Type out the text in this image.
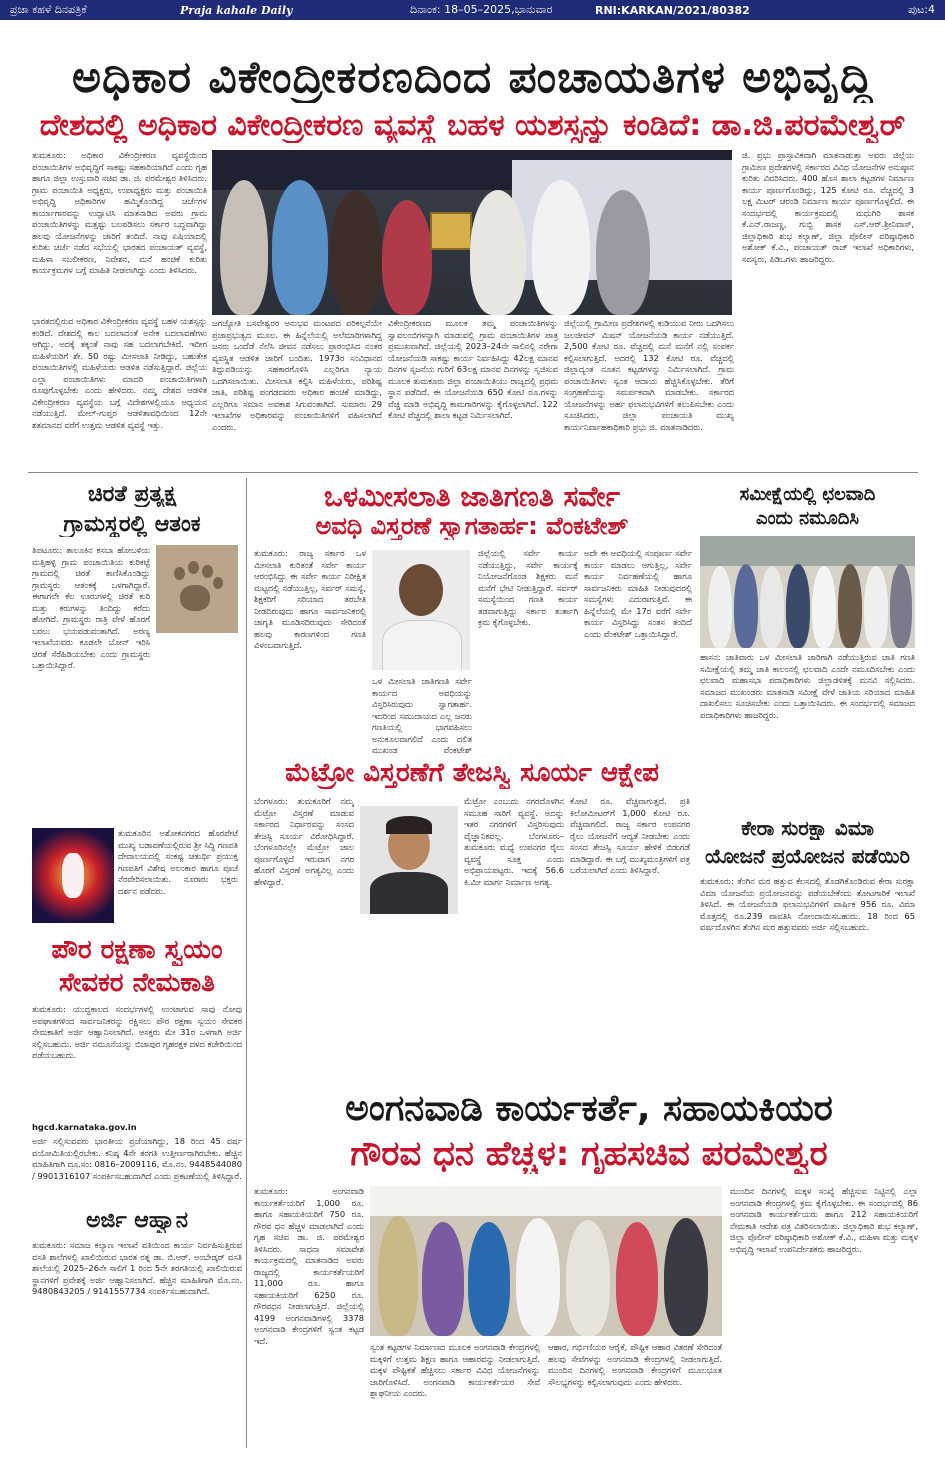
ಪ್ರಜಾ ಕಹಳೆ ದಿನಪತ್ರಿಕೆ	Praja kahale Daily	ದಿನಾಂಕ: 18–05–2025,ಭಾನುವಾರ	RNI:KARKAN/2021/80382	ಪುಟ:4
ಅಧಿಕಾರ ವಿಕೇಂದ್ರೀಕರಣದಿಂದ ಪಂಚಾಯತಿಗಳ ಅಭಿವೃದ್ಧಿ
ದೇಶದಲ್ಲಿ ಅಧಿಕಾರ ವಿಕೇಂದ್ರೀಕರಣ ವ್ಯವಸ್ಥೆ ಬಹಳ ಯಶಸ್ಸನ್ನು ಕಂಡಿದೆ: ಡಾ.ಜಿ.ಪರಮೇಶ್ವರ್
ತುಮಕೂರು: ಅಧಿಕಾರ ವಿಕೇಂದ್ರೀಕರಣ ವ್ಯವಸ್ಥೆಯಿಂದ ಪಂಚಾಯಿತಿಗಳ ಅಭಿವೃದ್ಧಿಗೆ ಸಾಕಷ್ಟು ಸಹಕಾರಿಯಾಗಿದೆ ಎಂದು ಗೃಹ ಹಾಗೂ ಜಿಲ್ಲಾ ಉಸ್ತುವಾರಿ ಸಚಿವ ಡಾ. ಜಿ. ಪರಮೇಶ್ವರ ತಿಳಿಸಿದರು. ಗ್ರಾಮ ಪಂಚಾಯಿತಿ ಅಧ್ಯಕ್ಷರು, ಉಪಾಧ್ಯಕ್ಷರು ಮತ್ತು ಪಂಚಾಯಿತಿ ಅಭಿವೃದ್ಧಿ ಅಧಿಕಾರಿಗಳ ಹಮ್ಮಿಕೊಂಡಿದ್ದ ಚರ್ಚೆಗಳ ಕಾರ್ಯಾಗಾರವನ್ನು ಉದ್ಘಾಟಿಸಿ ಮಾತನಾಡಿದ ಅವರು ಗ್ರಾಮ ಪಂಚಾಯಿತಿಗಳನ್ನು ಮತ್ತಷ್ಟು ಬಲಪಡಿಸಲು ಸರ್ಕಾರ ಬದ್ಧವಾಗಿದ್ದು ಹಲವು ಯೋಜನೆಗಳನ್ನು ಜಾರಿಗೆ ತಂದಿದೆ. ನಾವು ಏಷಿಯಾದಲ್ಲಿ ಕುರಿತು ಚರ್ಚೆ ನಡೆದ ಸಭೆಯಲ್ಲಿ ಭಾರತದ ಪಂಚಾಯತ್ ವ್ಯವಸ್ಥೆ, ಮಹಿಳಾ ಸಬಲೀಕರಣ, ನಿವೇಶನ, ಮನೆ ಹಂಚಿಕೆ ಕುರಿತು ಕಾರ್ಯಕ್ರಮಗಳ ಬಗ್ಗೆ ಮಾಹಿತಿ ನೀಡಲಾಗಿದ್ದು ಎಂದು ತಿಳಿಸಿದರು.
ಭಾರತದಲ್ಲಿರುವ ಅಧಿಕಾರ ವಿಕೇಂದ್ರೀಕರಣ ವ್ಯವಸ್ಥೆ ಬಹಳ ಯಶಸ್ಸನ್ನು ಕಂಡಿದೆ. ದೇಶದಲ್ಲಿ ಕಾಲ ಬದಲಾದಂತೆ ಅನೇಕ ಬದಲಾವಣೆಗಳು ಆಗಿದ್ದು, ಅದಕ್ಕೆ ತಕ್ಕಂತೆ ನಾವು ಸಹ ಬದಲಾಗಬೇಕಿದೆ. ಇದೀಗ ಮಹಿಳೆಯರಿಗೆ ಶೇ. 50 ರಷ್ಟು ಮೀಸಲಾತಿ ನೀಡಿದ್ದು, ಬಹುತೇಕ ಪಂಚಾಯಿತಿಗಳಲ್ಲಿ ಮಹಿಳೆಯರು ಆಡಳಿತ ನಡೆಸುತ್ತಿದ್ದಾರೆ. ಜಿಲ್ಲೆಯ ಎಲ್ಲಾ ಪಂಚಾಯಿತಿಗಳು ಮಾದರಿ ಪಂಚಾಯಿತಿಗಳಾಗಿ ರೂಪುಗೊಳ್ಳಬೇಕು ಎಂದು ಹೇಳಿದರು. ನಮ್ಮ ದೇಶದ ಆಡಳಿತ ವಿಕೇಂದ್ರೀಕರಣ ವ್ಯವಸ್ಥೆಯ ಬಗ್ಗೆ ವಿದೇಶಗಳಲ್ಲಿಯೂ ಅಧ್ಯಯನ ನಡೆಯುತ್ತಿದೆ. ಮೇಲ್-ಗುಪ್ತರ ಆಡಳಿತಾವಧಿಯಿಂದ 12ನೇ ಶತಮಾನದ ವರೆಗೆ ಉತ್ತಮ ಆಡಳಿತ ವ್ಯವಸ್ಥೆ ಇತ್ತು.
ಜಗಜ್ಯೋತಿ ಬಸವೇಶ್ವರರ ಅನುಭವ ಮಂಟಪದ ಪರಿಕಲ್ಪನೆಯೇ ಪ್ರಜಾಪ್ರಭುತ್ವದ ಮೂಲ. ಈ ಹಿನ್ನೆಲೆಯಲ್ಲಿ ಅಲೆಮಾರಿಗಳಾಗಿದ್ದ ಜನರು ಒಂದೆಡೆ ನೆಲೆಸಿ ಜೀವನ ನಡೆಸಲು ಪ್ರಾರಂಭಿಸಿದ ನಂತರ ವ್ಯವಸ್ಥಿತ ಆಡಳಿತ ಜಾರಿಗೆ ಬಂದಿತು. 1973ರ ಸಂವಿಧಾನದ ತಿದ್ದುಪಡಿಯನ್ನು ಸಹಕಾರಗೊಳಿಸಿ ಎಲ್ಲರಿಗೂ ನ್ಯಾಯ ಒದಗಿಸಲಾಯಿತು. ಮೀಸಲಾತಿ ಕಲ್ಪಿಸಿ ಮಹಿಳೆಯರು, ಪರಿಶಿಷ್ಟ ಜಾತಿ, ಪರಿಶಿಷ್ಟ ಪಂಗಡದವರು ಅಧಿಕಾರ ಹಂಚಿಕೆ ಮಾಡಿದ್ದು, ಎಲ್ಲರಿಗೂ ಸಮಾನ ಅವಕಾಶ ಸಿಗುವಂತಾಗಿದೆ. ಸುಮಾರು 29 ಇಲಾಖೆಗಳ ಅಧಿಕಾರವನ್ನು ಪಂಚಾಯಿತಿಗಳಿಗೆ ವಹಿಸಲಾಗಿದೆ ಎಂದರು.
ವಿಕೇಂದ್ರೀಕರಣದ ಮೂಲಕ ತಮ್ಮ ಪಂಚಾಯಿತಿಗಳನ್ನು ಸ್ವಾವಲಂಬಿಗಳನ್ನಾಗಿ ಮಾಡುವಲ್ಲಿ ಗ್ರಾಮ ಪಂಚಾಯಿತಿಗಳ ಪಾತ್ರ ಪ್ರಮುಖವಾಗಿದೆ. ಜಿಲ್ಲೆಯಲ್ಲಿ 2023–24ನೇ ಸಾಲಿನಲ್ಲಿ ನರೇಗಾ ಯೋಜನೆಯಡಿ ಸಾಕಷ್ಟು ಕಾರ್ಯ ನಿರ್ವಹಿಸಿದ್ದು 42ಲಕ್ಷ ಮಾನವ ದಿನಗಳ ಸೃಜನೆಯ ಗುರಿಗೆ 63ಲಕ್ಷ ಮಾನವ ದಿನಗಳನ್ನು ಸೃಜಿಸುವ ಮೂಲಕ ತುಮಕೂರು ಜಿಲ್ಲಾ ಪಂಚಾಯಿತಿಯು ರಾಜ್ಯದಲ್ಲಿ ಪ್ರಥಮ ಸ್ಥಾನ ಪಡೆದಿದೆ. ಈ ಯೋಜನೆಯಡಿ 650 ಕೋಟಿ ರೂ.ಗಳನ್ನು ವೆಚ್ಚ ಮಾಡಿ ಅಭಿವೃದ್ಧಿ ಕಾಮಗಾರಿಗಳನ್ನು ಕೈಗೊಳ್ಳಲಾಗಿದೆ. 122 ಕೋಟಿ ವೆಚ್ಚದಲ್ಲಿ ಶಾಲಾ ಕಟ್ಟಡ ನಿರ್ಮಿಸಲಾಗಿದೆ.
ಜಿಲ್ಲೆಯಲ್ಲಿ ಗ್ರಾಮೀಣ ಪ್ರದೇಶಗಳಲ್ಲಿ ಕುಡಿಯುವ ನೀರು ಒದಗಿಸಲು ಜಲಜೀವನ್ ಮಿಷನ್ ಯೋಜನೆಯಡಿ ಕಾರ್ಯ ನಡೆಯುತ್ತಿದೆ. 2,500 ಕೋಟಿ ರೂ. ವೆಚ್ಚದಲ್ಲಿ ಮನೆ ಮನೆಗೆ ನಲ್ಲಿ ಸಂಪರ್ಕ ಕಲ್ಪಿಸಲಾಗುತ್ತಿದೆ. ಅದರಲ್ಲಿ 132 ಕೋಟಿ ರೂ. ವೆಚ್ಚದಲ್ಲಿ ಜಿಲ್ಲಾದ್ಯಂತ ನೂತನ ಕಟ್ಟಡಗಳನ್ನು ನಿರ್ಮಿಸಲಾಗಿದೆ. ಗ್ರಾಮ ಪಂಚಾಯಿತಿಗಳು ಸ್ವಂತ ಆದಾಯ ಹೆಚ್ಚಿಸಿಕೊಳ್ಳಬೇಕು. ತೆರಿಗೆ ಸಂಗ್ರಹಣೆಯನ್ನು ಸಮರ್ಪಕವಾಗಿ ಮಾಡಬೇಕು. ಸರ್ಕಾರದ ಯೋಜನೆಗಳನ್ನು ಅರ್ಹ ಫಲಾನುಭವಿಗಳಿಗೆ ತಲುಪಿಸಬೇಕು ಎಂದು ಸೂಚಿಸಿದರು. ಜಿಲ್ಲಾ ಪಂಚಾಯತಿ ಮುಖ್ಯ ಕಾರ್ಯನಿರ್ವಾಹಕಾಧಿಕಾರಿ ಪ್ರಭು ಜಿ. ಮಾತನಾಡಿದರು.
ಜಿ. ಪ್ರಭು ಪ್ರಾಸ್ತಾವಿಕವಾಗಿ ಮಾತನಾಡುತ್ತಾ ಅವರು ಜಿಲ್ಲೆಯ ಗ್ರಾಮೀಣ ಪ್ರದೇಶಗಳಲ್ಲಿ ಸರ್ಕಾರದ ವಿವಿಧ ಯೋಜನೆಗಳ ಅನುಷ್ಠಾನ ಕುರಿತು ವಿವರಿಸಿದರು. 400 ಹೊಸ ಶಾಲಾ ಕಟ್ಟಡಗಳ ನಿರ್ಮಾಣ ಕಾರ್ಯ ಪೂರ್ಣಗೊಂಡಿದ್ದು, 125 ಕೋಟಿ ರೂ. ವೆಚ್ಚದಲ್ಲಿ 3 ಲಕ್ಷ ಮಿಟರ್ ಚರಂಡಿ ನಿರ್ಮಾಣ ಕಾರ್ಯ ಪೂರ್ಣಗೊಳ್ಳಲಿದೆ. ಈ ಸಂದರ್ಭದಲ್ಲಿ ಕಾರ್ಯಕ್ರಮದಲ್ಲಿ ಮಧುಗಿರಿ ಶಾಸಕ ಕೆ.ಎನ್.ರಾಜಣ್ಣ, ಗುಬ್ಬಿ ಶಾಸಕ ಎಸ್.ಆರ್.ಶ್ರೀನಿವಾಸ್, ಜಿಲ್ಲಾಧಿಕಾರಿ ಶುಭ ಕಲ್ಯಾಣ್, ಜಿಲ್ಲಾ ಪೊಲೀಸ್ ವರಿಷ್ಠಾಧಿಕಾರಿ ಅಶೋಕ್ ಕೆ.ವಿ., ಪಂಚಾಯತ್ ರಾಜ್ ಇಲಾಖೆ ಅಧಿಕಾರಿಗಳು, ಸದಸ್ಯರು, ಪಿಡಿಒಗಳು ಹಾಜರಿದ್ದರು.
ಚಿರತೆ ಪ್ರತ್ಯಕ್ಷ
ಗ್ರಾಮಸ್ಥರಲ್ಲಿ ಆತಂಕ
ತಿಪಟೂರು: ತಾಲೂಕಿನ ಕಸಬಾ ಹೋಬಳಿಯ ಮತ್ತಿಹಳ್ಳಿ ಗ್ರಾಮ ಪಂಚಾಯಿತಿಯ ಕುರಿಕಟ್ಟೆ ಗ್ರಾಮದಲ್ಲಿ ಚಿರತೆ ಕಾಣಿಸಿಕೊಂಡಿದ್ದು ಗ್ರಾಮಸ್ಥರು ಆತಂಕಕ್ಕೆ ಒಳಗಾಗಿದ್ದಾರೆ. ಈಗಾಗಲೇ ಕೆಲ ಊರುಗಳಲ್ಲಿ ಚಿರತೆ ಕುರಿ ಮತ್ತು ಕರುಗಳನ್ನು ತಿಂದಿದ್ದು ಕರೆದು ಹೋಗಿದೆ. ಗ್ರಾಮಸ್ಥರು ರಾತ್ರಿ ವೇಳೆ ಹೊರಗೆ ಬರಲು ಭಯಪಡುವಂತಾಗಿದೆ. ಅರಣ್ಯ ಇಲಾಖೆಯವರು ಕೂಡಲೇ ಬೋನ್ ಇರಿಸಿ ಚಿರತೆ ಸೆರೆಹಿಡಿಯಬೇಕು ಎಂದು ಗ್ರಾಮಸ್ಥರು ಒತ್ತಾಯಿಸಿದ್ದಾರೆ.
ತುಮಕೂರಿನ ಅಶೋಕನಗರದ ಹೊರಪೇಟೆ ಮುಖ್ಯ ಬಡಾವಣೆಯಲ್ಲಿರುವ ಶ್ರೀ ಸಿದ್ಧಿ ಗಣಪತಿ ದೇವಾಲಯದಲ್ಲಿ ಸಂಕಷ್ಟ ಚತುರ್ಥಿ ಪ್ರಯುಕ್ತ ಗಣಪತಿಗೆ ವಿಶೇಷ ಅಲಂಕಾರ ಹಾಗೂ ಪೂಜೆ ನೆರವೇರಿಸಲಾಯಿತು. ನೂರಾರು ಭಕ್ತರು ದರ್ಶನ ಪಡೆದರು.
ಪೌರ ರಕ್ಷಣಾ ಸ್ವಯಂ
ಸೇವಕರ ನೇಮಕಾತಿ
ತುಮಕೂರು: ಯುದ್ಧಕಾಲದ ಸಂದರ್ಭಗಳಲ್ಲಿ ಉಂಟಾಗುವ ಸಾವು ನೋವು ಅಪಘಾತಗಳಿಂದ ಸಾರ್ವಜನಿಕರನ್ನು ರಕ್ಷಿಸಲು ಪೌರ ರಕ್ಷಣಾ ಸ್ವಯಂ ಸೇವಕರ ನೇಮಕಾತಿಗೆ ಅರ್ಜಿ ಆಹ್ವಾನಿಸಲಾಗಿದೆ. ಆಸಕ್ತರು ಮೇ 31ರ ಒಳಗಾಗಿ ಅರ್ಜಿ ಸಲ್ಲಿಸಬಹುದು. ಅರ್ಜಿ ನಮೂನೆಯನ್ನು ಬಿಜಾಪುರ ಗೃಹರಕ್ಷಕ ದಳದ ಕಚೇರಿಯಿಂದ ಪಡೆಯಬಹುದು.
hgcd.karnataka.gov.in
ಅರ್ಜಿ ಸಲ್ಲಿಸುವವರು ಭಾರತೀಯ ಪ್ರಜೆಯಾಗಿದ್ದು, 18 ರಿಂದ 45 ವರ್ಷ ವಯೋಮಿತಿಯಲ್ಲಿರಬೇಕು. ಕನಿಷ್ಠ 4ನೇ ತರಗತಿ ಉತ್ತೀರ್ಣರಾಗಿರಬೇಕು. ಹೆಚ್ಚಿನ ಮಾಹಿತಿಗಾಗಿ ದೂ.ಸಂ: 0816–2009116, ಮೊ.ನಂ. 9448544080 / 9901316107 ಸಂಪರ್ಕಿಸಬಹುದಾಗಿದೆ ಎಂದು ಪ್ರಕಟಣೆಯಲ್ಲಿ ತಿಳಿಸಿದ್ದಾರೆ.
ಅರ್ಜಿ ಆಹ್ವಾನ
ತುಮಕೂರು: ಸಮಾಜ ಕಲ್ಯಾಣ ಇಲಾಖೆ ವತಿಯಿಂದ ಕಾರ್ಯ ನಿರ್ವಹಿಸುತ್ತಿರುವ ವಸತಿ ಶಾಲೆಗಳಲ್ಲಿ ಖಾಲಿಯಿರುವ ಭಾರತ ರತ್ನ ಡಾ. ಬಿ.ಆರ್. ಅಂಬೇಡ್ಕರ್ ವಸತಿ ಶಾಲೆಯಲ್ಲಿ 2025–26ನೇ ಸಾಲಿಗೆ 1 ರಿಂದ 5ನೇ ತರಗತಿಯಲ್ಲಿ ಖಾಲಿಯಿರುವ ಸ್ಥಾನಗಳಿಗೆ ಪ್ರವೇಶಕ್ಕೆ ಅರ್ಜಿ ಆಹ್ವಾನಿಸಲಾಗಿದೆ. ಹೆಚ್ಚಿನ ಮಾಹಿತಿಗಾಗಿ ಮೊ.ನಂ. 9480843205 / 9141557734 ಸಂಪರ್ಕಿಸಬಹುದಾಗಿದೆ.
ಒಳಮೀಸಲಾತಿ ಜಾತಿಗಣತಿ ಸರ್ವೇ
ಅವಧಿ ವಿಸ್ತರಣೆ ಸ್ವಾಗತಾರ್ಹ: ವೆಂಕಟೇಶ್
ತುಮಕೂರು: ರಾಜ್ಯ ಸರ್ಕಾರ ಒಳ ಮೀಸಲಾತಿ ಕುರಿತಂತೆ ಸರ್ವೇ ಕಾರ್ಯ ಆರಂಭಿಸಿದ್ದು ಈ ಸರ್ವೇ ಕಾರ್ಯ ನಿರೀಕ್ಷಿತ ಮಟ್ಟದಲ್ಲಿ ನಡೆಯುತ್ತಿಲ್ಲ, ಸರ್ವರ್ ಸಮಸ್ಯೆ, ಶಿಕ್ಷಕರಿಗೆ ಸರಿಯಾದ ತರಬೇತಿ ನೀಡದಿರುವುದು ಹಾಗೂ ಸಾರ್ವಜನಿಕರಲ್ಲಿ ಜಾಗೃತಿ ಮೂಡಿಸದಿರುವುದು ಸೇರಿದಂತೆ ಹಲವು ಕಾರಣಗಳಿಂದ ಗಣತಿ ವಿಳಂಬವಾಗುತ್ತಿದೆ.
ಒಳ ಮೀಸಲಾತಿ ಜಾತಿಗಣತಿ ಸರ್ವೇ ಕಾರ್ಯದ ಅವಧಿಯನ್ನು ವಿಸ್ತರಿಸಿರುವುದು ಸ್ವಾಗತಾರ್ಹ. ಇದರಿಂದ ಸಮುದಾಯದ ಎಲ್ಲ ಜನರು ಗಣತಿಯಲ್ಲಿ ಭಾಗವಹಿಸಲು ಅನುಕೂಲವಾಗಲಿದೆ ಎಂದು ದಲಿತ ಮುಖಂಡ ವೆಂಕಟೇಶ್
ಜಿಲ್ಲೆಯಲ್ಲಿ ಸರ್ವೇ ಕಾರ್ಯ ನಡೆಯುತ್ತಿದ್ದು, ಸರ್ವೇ ಕಾರ್ಯಕ್ಕೆ ನಿಯೋಜನೆಗೊಂಡ ಶಿಕ್ಷಕರು ಮನೆ ಮನೆಗೆ ಭೇಟಿ ನೀಡುತ್ತಿದ್ದಾರೆ. ಸರ್ವರ್ ಸಮಸ್ಯೆಯಿಂದ ಗಣತಿ ಕಾರ್ಯ ತಡವಾಗುತ್ತಿದ್ದು ಸರ್ಕಾರ ತುರ್ತಾಗಿ ಕ್ರಮ ಕೈಗೊಳ್ಳಬೇಕು.
ಅದೇ ಈ ಅವಧಿಯಲ್ಲಿ ಸಂಪೂರ್ಣ ಸರ್ವೇ ಕಾರ್ಯ ಮಾಡಲು ಆಗುತ್ತಿಲ್ಲ, ಸರ್ವೇ ಕಾರ್ಯ ನಿರ್ವಹಣೆಯಲ್ಲಿ ಹಾಗೂ ಸಾರ್ವಜನಿಕರು ಮಾಹಿತಿ ನೀಡುವುದರಲ್ಲಿ ಸಮಸ್ಯೆಗಳು ಎದುರಾಗುತ್ತಿವೆ. ಈ ಹಿನ್ನೆಲೆಯಲ್ಲಿ ಮೇ 17ರ ವರೆಗೆ ಸರ್ವೇ ಕಾರ್ಯ ವಿಸ್ತರಿಸಿದ್ದು ಸಂತಸ ತಂದಿದೆ ಎಂದು ವೆಂಕಟೇಶ್ ಒತ್ತಾಯಿಸಿದ್ದಾರೆ.
ಸಮೀಕ್ಷೆಯಲ್ಲಿ ಛಲವಾದಿ
ಎಂದು ನಮೂದಿಸಿ
ಹಾಸನ: ಜಾತಿವಾರು ಒಳ ಮೀಸಲಾತಿ ಜಾರಿಗಾಗಿ ನಡೆಯುತ್ತಿರುವ ಜಾತಿ ಗಣತಿ ಸಮೀಕ್ಷೆಯಲ್ಲಿ ತಮ್ಮ ಜಾತಿ ಕಾಲಂನಲ್ಲಿ ಛಲವಾದಿ ಎಂದೇ ನಮೂದಿಸಬೇಕು ಎಂದು ಛಲವಾದಿ ಮಹಾಸಭಾ ಪದಾಧಿಕಾರಿಗಳು ಜಿಲ್ಲಾಡಳಿತಕ್ಕೆ ಮನವಿ ಸಲ್ಲಿಸಿದರು. ಸಮಾಜದ ಮುಖಂಡರು ಮಾತನಾಡಿ ಸಮೀಕ್ಷೆ ವೇಳೆ ಜಾತಿಯ ಸರಿಯಾದ ಮಾಹಿತಿ ದಾಖಲಿಸಲು ಸೂಚಿಸಬೇಕು ಎಂದು ಒತ್ತಾಯಿಸಿದರು. ಈ ಸಂದರ್ಭದಲ್ಲಿ ಸಮಾಜದ ಪದಾಧಿಕಾರಿಗಳು ಹಾಜರಿದ್ದರು.
ಮೆಟ್ರೋ ವಿಸ್ತರಣೆಗೆ ತೇಜಸ್ವಿ ಸೂರ್ಯ ಆಕ್ಷೇಪ
ಬೆಂಗಳೂರು: ತುಮಕೂರಿಗೆ ನಮ್ಮ ಮೆಟ್ರೋ ವಿಸ್ತರಣೆ ಮಾಡುವ ಸರ್ಕಾರದ ನಿರ್ಧಾರವನ್ನು ಸಂಸದ ತೇಜಸ್ವಿ ಸೂರ್ಯ ವಿರೋಧಿಸಿದ್ದಾರೆ. ಬೆಂಗಳೂರಿನಲ್ಲೇ ಮೆಟ್ರೋ ಜಾಲ ಪೂರ್ಣಗೊಳ್ಳದೆ ಇರುವಾಗ ನಗರ ಹೊರಗೆ ವಿಸ್ತರಣೆ ಅಗತ್ಯವಿಲ್ಲ ಎಂದು ಹೇಳಿದ್ದಾರೆ.
ಮೆಟ್ರೋ ಎಂಬುದು ನಗರದೊಳಗಿನ ಸಮೂಹ ಸಾರಿಗೆ ವ್ಯವಸ್ಥೆ. ಅದನ್ನು ಇತರ ನಗರಗಳಿಗೆ ವಿಸ್ತರಿಸುವುದು ವೈಜ್ಞಾನಿಕವಲ್ಲ. ಬೆಂಗಳೂರು–ತುಮಕೂರು ಮಧ್ಯೆ ಉಪನಗರ ರೈಲು ವ್ಯವಸ್ಥೆ ಸೂಕ್ತ ಎಂದು ಅಭಿಪ್ರಾಯಪಟ್ಟರು. ಇದಕ್ಕೆ 56.6 ಕಿ.ಮೀ ಮಾರ್ಗ ನಿರ್ಮಾಣ ಅಗತ್ಯ.
ಕೋಟಿ ರೂ. ವೆಚ್ಚವಾಗುತ್ತದೆ. ಪ್ರತಿ ಕಿಲೋಮೀಟರ್‌ಗೆ 1,000 ಕೋಟಿ ರೂ. ವೆಚ್ಚವಾಗಲಿದೆ. ರಾಜ್ಯ ಸರ್ಕಾರ ಉಪನಗರ ರೈಲು ಯೋಜನೆಗೆ ಆದ್ಯತೆ ನೀಡಬೇಕು ಎಂದು ಸಂಸದ ತೇಜಸ್ವಿ ಸೂರ್ಯ ಹೇಳಿಕೆ ಬಿಡುಗಡೆ ಮಾಡಿದ್ದಾರೆ. ಈ ಬಗ್ಗೆ ಮುಖ್ಯಮಂತ್ರಿಗಳಿಗೆ ಪತ್ರ ಬರೆಯಲಾಗಿದೆ ಎಂದು ತಿಳಿಸಿದ್ದಾರೆ.
ಕೇರಾ ಸುರಕ್ಷಾ ವಿಮಾ
ಯೋಜನೆ ಪ್ರಯೋಜನ ಪಡೆಯಿರಿ
ತುಮಕೂರು: ತೆಂಗಿನ ಮರ ಹತ್ತುವ ಕೆಲಸದಲ್ಲಿ ತೊಡಗಿಕೊಂಡಿರುವ ಕೇರಾ ಸುರಕ್ಷಾ ವಿಮಾ ಯೋಜನೆಯ ಪ್ರಯೋಜನವನ್ನು ಪಡೆಯಬೇಕೆಂದು ತೋಟಗಾರಿಕೆ ಇಲಾಖೆ ತಿಳಿಸಿದೆ. ಈ ಯೋಜನೆಯಡಿ ಫಲಾನುಭವಿಗಳಿಗೆ ವಾರ್ಷಿಕ 956 ರೂ. ವಿಮಾ ಮೊತ್ತದಲ್ಲಿ ರೂ.239 ಪಾವತಿಸಿ ನೋಂದಾಯಿಸಬಹುದು. 18 ರಿಂದ 65 ವರ್ಷದೊಳಗಿನ ತೆಂಗಿನ ಮರ ಹತ್ತುವವರು ಅರ್ಜಿ ಸಲ್ಲಿಸಬಹುದು.
ಅಂಗನವಾಡಿ ಕಾರ್ಯಕರ್ತೆ, ಸಹಾಯಕಿಯರ
ಗೌರವ ಧನ ಹೆಚ್ಚಳ: ಗೃಹಸಚಿವ ಪರಮೇಶ್ವರ
ತುಮಕೂರು: ಅಂಗನವಾಡಿ ಕಾರ್ಯಕರ್ತೆಯರಿಗೆ 1,000 ರೂ. ಹಾಗೂ ಸಹಾಯಕಿಯರಿಗೆ 750 ರೂ. ಗೌರವ ಧನ ಹೆಚ್ಚಳ ಮಾಡಲಾಗಿದೆ ಎಂದು ಗೃಹ ಸಚಿವ ಡಾ. ಜಿ. ಪರಮೇಶ್ವರ ತಿಳಿಸಿದರು. ಸಾಧನಾ ಸಮಾವೇಶ ಕಾರ್ಯಕ್ರಮದಲ್ಲಿ ಮಾತನಾಡಿದ ಅವರು ರಾಜ್ಯದಲ್ಲಿ ಕಾರ್ಯಕರ್ತೆಯರಿಗೆ 11,000 ರೂ. ಹಾಗೂ ಸಹಾಯಕಿಯರಿಗೆ 6250 ರೂ. ಗೌರವಧನ ನೀಡಲಾಗುತ್ತಿದೆ. ಜಿಲ್ಲೆಯಲ್ಲಿ 4199 ಅಂಗನವಾಡಿಗಳಲ್ಲಿ 3378 ಅಂಗನವಾಡಿ ಕೇಂದ್ರಗಳಿಗೆ ಸ್ವಂತ ಕಟ್ಟಡ ಇದೆ.
ಸ್ವಂತ ಕಟ್ಟಡಗಳ ನಿರ್ಮಾಣದ ಮೂಲಕ ಅಂಗನವಾಡಿ ಕೇಂದ್ರಗಳಲ್ಲಿ ಮಕ್ಕಳಿಗೆ ಉತ್ತಮ ಶಿಕ್ಷಣ ಹಾಗೂ ಆಹಾರವನ್ನು ನೀಡಲಾಗುತ್ತಿದೆ. ಮಕ್ಕಳ ಪೌಷ್ಟಿಕತೆ ಹೆಚ್ಚಿಸಲು ಸರ್ಕಾರ ವಿವಿಧ ಯೋಜನೆಗಳನ್ನು ಜಾರಿಗೊಳಿಸಿದೆ. ಅಂಗನವಾಡಿ ಕಾರ್ಯಕರ್ತೆಯರ ಸೇವೆ ಶ್ಲಾಘನೀಯ ಎಂದರು.
ಆಹಾರ, ಗರ್ಭಿಣಿಯರ ಆರೈಕೆ, ಪೌಷ್ಟಿಕ ಆಹಾರ ವಿತರಣೆ ಸೇರಿದಂತೆ ಹಲವು ಸೇವೆಗಳನ್ನು ಅಂಗನವಾಡಿ ಕೇಂದ್ರಗಳಲ್ಲಿ ನೀಡಲಾಗುತ್ತಿದೆ. ಮುಂದಿನ ದಿನಗಳಲ್ಲಿ ಅಂಗನವಾಡಿ ಕೇಂದ್ರಗಳಿಗೆ ಮೂಲಭೂತ ಸೌಲಭ್ಯಗಳನ್ನು ಕಲ್ಪಿಸಲಾಗುವುದು ಎಂದು ಹೇಳಿದರು.
ಮುಂದಿನ ದಿನಗಳಲ್ಲಿ ಮಕ್ಕಳ ಸಂಖ್ಯೆ ಹೆಚ್ಚಿಸುವ ನಿಟ್ಟಿನಲ್ಲಿ ಎಲ್ಲಾ ಅಂಗನವಾಡಿ ಕೇಂದ್ರಗಳಲ್ಲಿ ಕ್ರಮ ಕೈಗೊಳ್ಳಬೇಕು. ಈ ಸಂದರ್ಭದಲ್ಲಿ 86 ಅಂಗನವಾಡಿ ಕಾರ್ಯಕರ್ತೆಯರು ಹಾಗೂ 212 ಸಹಾಯಕಿಯರಿಗೆ ನೇಮಕಾತಿ ಆದೇಶ ಪತ್ರ ವಿತರಿಸಲಾಯಿತು. ಜಿಲ್ಲಾಧಿಕಾರಿ ಶುಭ ಕಲ್ಯಾಣ್, ಜಿಲ್ಲಾ ಪೊಲೀಸ್ ವರಿಷ್ಠಾಧಿಕಾರಿ ಅಶೋಕ್ ಕೆ.ವಿ., ಮಹಿಳಾ ಮತ್ತು ಮಕ್ಕಳ ಅಭಿವೃದ್ಧಿ ಇಲಾಖೆ ಉಪನಿರ್ದೇಶಕರು ಹಾಜರಿದ್ದರು.
